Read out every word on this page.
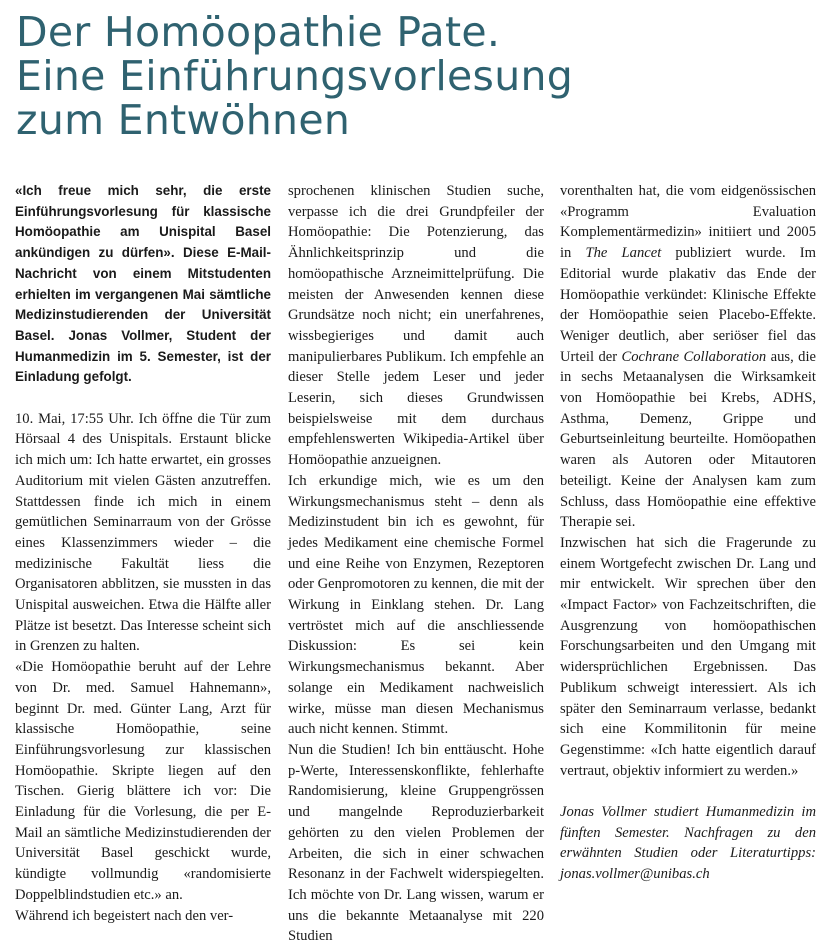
Der Homöopathie Pate.
Eine Einführungsvorlesung
zum Entwöhnen

«Ich freue mich sehr, die erste Einführungsvorlesung für klassische Homöopathie am Unispital Basel ankündigen zu dürfen». Diese E-Mail-Nachricht von einem Mitstudenten erhielten im vergangenen Mai sämtliche Medizinstudierenden der Universität Basel. Jonas Vollmer, Student der Humanmedizin im 5. Semester, ist der Einladung gefolgt.

10. Mai, 17:55 Uhr. Ich öffne die Tür zum Hörsaal 4 des Unispitals. Erstaunt blicke ich mich um: Ich hatte erwartet, ein grosses Auditorium mit vielen Gästen anzutreffen. Stattdessen finde ich mich in einem gemütlichen Seminarraum von der Grösse eines Klassenzimmers wieder – die medizinische Fakultät liess die Organisatoren abblitzen, sie mussten in das Unispital ausweichen. Etwa die Hälfte aller Plätze ist besetzt. Das Interesse scheint sich in Grenzen zu halten.

«Die Homöopathie beruht auf der Lehre von Dr. med. Samuel Hahnemann», beginnt Dr. med. Günter Lang, Arzt für klassische Homöopathie, seine Einführungsvorlesung zur klassischen Homöopathie. Skripte liegen auf den Tischen. Gierig blättere ich vor: Die Einladung für die Vorlesung, die per E-Mail an sämtliche Medizinstudierenden der Universität Basel geschickt wurde, kündigte vollmundig «randomisierte Doppelblindstudien etc.» an.

Während ich begeistert nach den ver-

sprochenen klinischen Studien suche, verpasse ich die drei Grundpfeiler der Homöopathie: Die Potenzierung, das Ähnlichkeitsprinzip und die homöopathische Arzneimittelprüfung. Die meisten der Anwesenden kennen diese Grundsätze noch nicht; ein unerfahrenes, wissbegieriges und damit auch manipulierbares Publikum. Ich empfehle an dieser Stelle jedem Leser und jeder Leserin, sich dieses Grundwissen beispielsweise mit dem durchaus empfehlenswerten Wikipedia-Artikel über Homöopathie anzueignen.

Ich erkundige mich, wie es um den Wirkungsmechanismus steht – denn als Medizinstudent bin ich es gewohnt, für jedes Medikament eine chemische Formel und eine Reihe von Enzymen, Rezeptoren oder Genpromotoren zu kennen, die mit der Wirkung in Einklang stehen. Dr. Lang vertröstet mich auf die anschliessende Diskussion: Es sei kein Wirkungsmechanismus bekannt. Aber solange ein Medikament nachweislich wirke, müsse man diesen Mechanismus auch nicht kennen. Stimmt.

Nun die Studien! Ich bin enttäuscht. Hohe p-Werte, Interessenskonflikte, fehlerhafte Randomisierung, kleine Gruppengrössen und mangelnde Reproduzierbarkeit gehörten zu den vielen Problemen der Arbeiten, die sich in einer schwachen Resonanz in der Fachwelt widerspiegelten. Ich möchte von Dr. Lang wissen, warum er uns die bekannte Metaanalyse mit 220 Studien

vorenthalten hat, die vom eidgenössischen «Programm Evaluation Komplementärmedizin» initiiert und 2005 in The Lancet publiziert wurde. Im Editorial wurde plakativ das Ende der Homöopathie verkündet: Klinische Effekte der Homöopathie seien Placebo-Effekte. Weniger deutlich, aber seriöser fiel das Urteil der Cochrane Collaboration aus, die in sechs Metaanalysen die Wirksamkeit von Homöopathie bei Krebs, ADHS, Asthma, Demenz, Grippe und Geburtseinleitung beurteilte. Homöopathen waren als Autoren oder Mitautoren beteiligt. Keine der Analysen kam zum Schluss, dass Homöopathie eine effektive Therapie sei.

Inzwischen hat sich die Fragerunde zu einem Wortgefecht zwischen Dr. Lang und mir entwickelt. Wir sprechen über den «Impact Factor» von Fachzeitschriften, die Ausgrenzung von homöopathischen Forschungsarbeiten und den Umgang mit widersprüchlichen Ergebnissen. Das Publikum schweigt interessiert. Als ich später den Seminarraum verlasse, bedankt sich eine Kommilitonin für meine Gegenstimme: «Ich hatte eigentlich darauf vertraut, objektiv informiert zu werden.»

Jonas Vollmer studiert Humanmedizin im fünften Semester. Nachfragen zu den erwähnten Studien oder Literaturtipps: jonas.vollmer@unibas.ch
